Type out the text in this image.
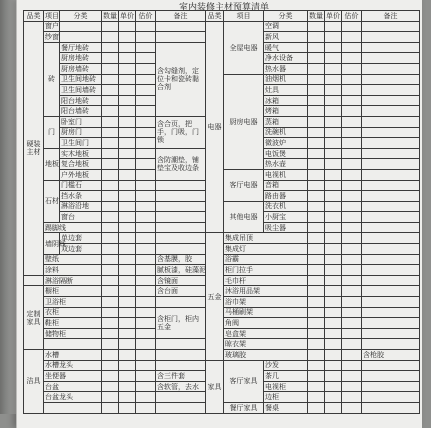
室内装修主材预算清单
品类	项目	分类	数量	单价	估价	备注	品类	项目	分类	数量	单价	估价	备注
硬装
主材	窗户						电器	全屋电器	空调				
	纱窗								新风				
	砖	餐厅地砖				含勾缝剂，定位卡和瓷砖黏合剂			暖气				
		厨房地砖							净水设备				
		厨房墙砖							热水器				
		卫生间地砖						厨房电器	油烟机				
		卫生间墙砖							灶具				
		阳台地砖							冰箱				
		阳台墙砖							烤箱				
	门	卧室门				含合页，把手，门吸，门锁			蒸箱				
		厨房门							洗碗机				
		卫生间门							微波炉				
	地板	实木地板				含防潮垫，铺垫宝及收边条			电饭煲				
		复合地板							热水壶				
		户外地板						客厅电器	电视机				
	石材	门槛石							音箱				
		挡水条							路由器				
		淋浴沿地						其他电器	洗衣机				
		窗台							小厨宝				
	踢脚线								吸尘器				
	墙阴线	单边套					五金	集成吊顶					
		双边套						集成灯					
	壁纸					含基膜，胶		浴霸					
	涂料					腻板漆，硅藻泥		柜门拉手					
	淋浴隔断					含镜面		毛巾杆					
定制
家具	橱柜					含台面		沐浴用品架					
	卫浴柜							浴巾架					
	衣柜					含柜门，柜内五金		马桶刷架					
	鞋柜							角阀					
	储物柜							皂盒架					
								晾衣架					
洁具	水槽							玻璃胶					含枪胶
	水槽龙头						家具	客厅家具	沙发				
	坐便器					含三件套			茶几				
	台盆					含软管，去水			电视柜				
	台盆龙头								边柜				
								餐厅家具	餐桌				
